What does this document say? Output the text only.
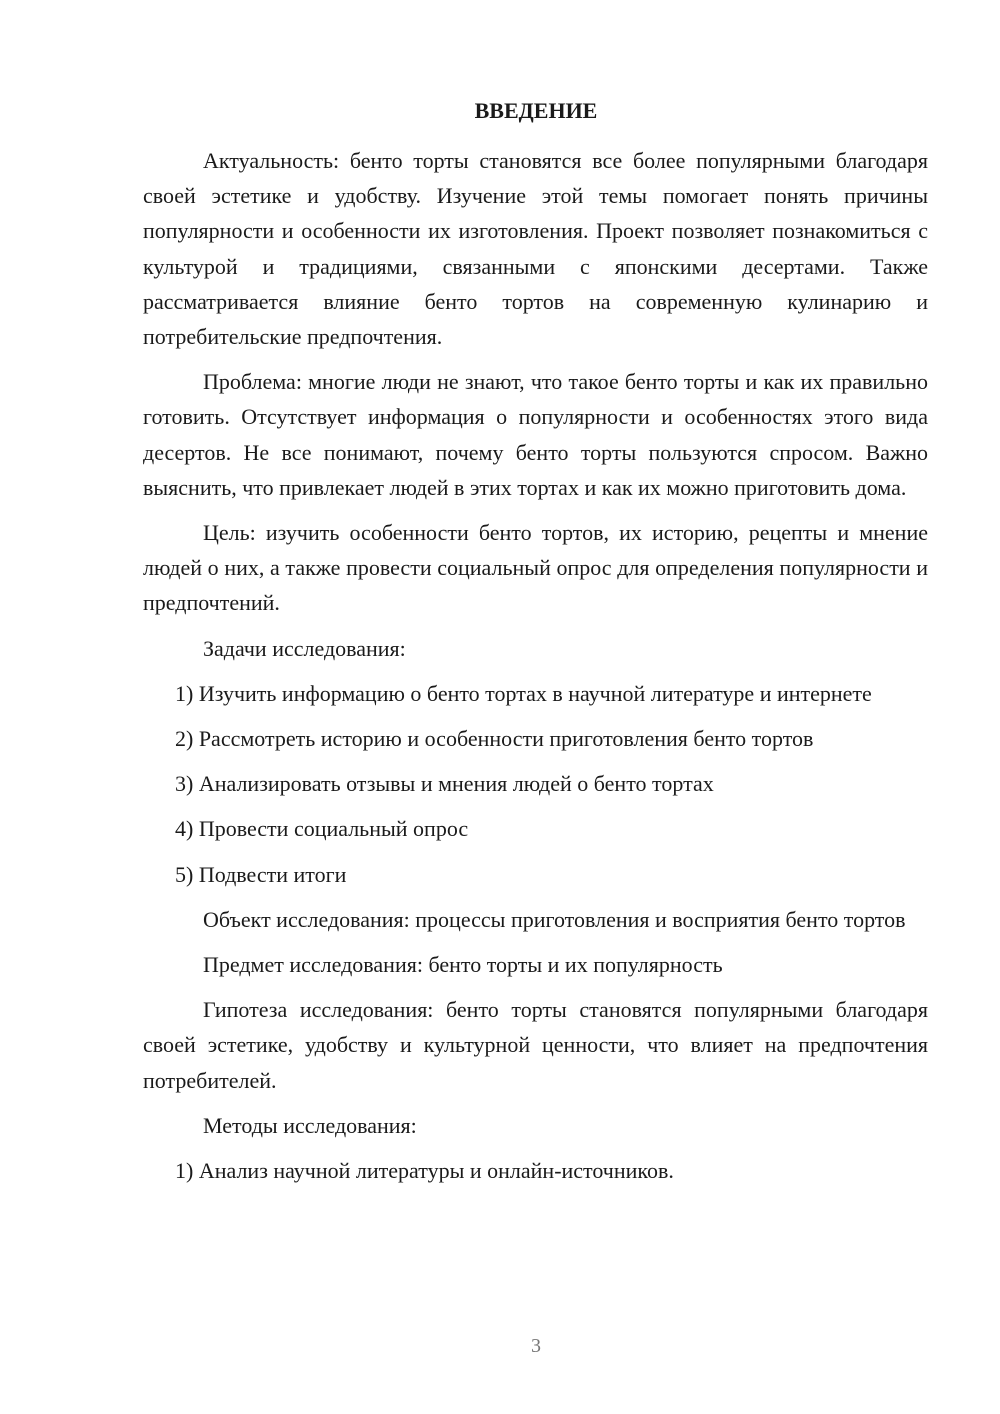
ВВЕДЕНИЕ

Актуальность: бенто торты становятся все более популярными благодаря своей эстетике и удобству. Изучение этой темы помогает понять причины популярности и особенности их изготовления. Проект позволяет познакомиться с культурой и традициями, связанными с японскими десертами. Также рассматривается влияние бенто тортов на современную кулинарию и потребительские предпочтения.

Проблема: многие люди не знают, что такое бенто торты и как их правильно готовить. Отсутствует информация о популярности и особенностях этого вида десертов. Не все понимают, почему бенто торты пользуются спросом. Важно выяснить, что привлекает людей в этих тортах и как их можно приготовить дома.

Цель: изучить особенности бенто тортов, их историю, рецепты и мнение людей о них, а также провести социальный опрос для определения популярности и предпочтений.

Задачи исследования:

1) Изучить информацию о бенто тортах в научной литературе и интернете

2) Рассмотреть историю и особенности приготовления бенто тортов

3) Анализировать отзывы и мнения людей о бенто тортах

4) Провести социальный опрос

5) Подвести итоги

Объект исследования: процессы приготовления и восприятия бенто тортов

Предмет исследования: бенто торты и их популярность

Гипотеза исследования: бенто торты становятся популярными благодаря своей эстетике, удобству и культурной ценности, что влияет на предпочтения потребителей.

Методы исследования:

1) Анализ научной литературы и онлайн-источников.

3
